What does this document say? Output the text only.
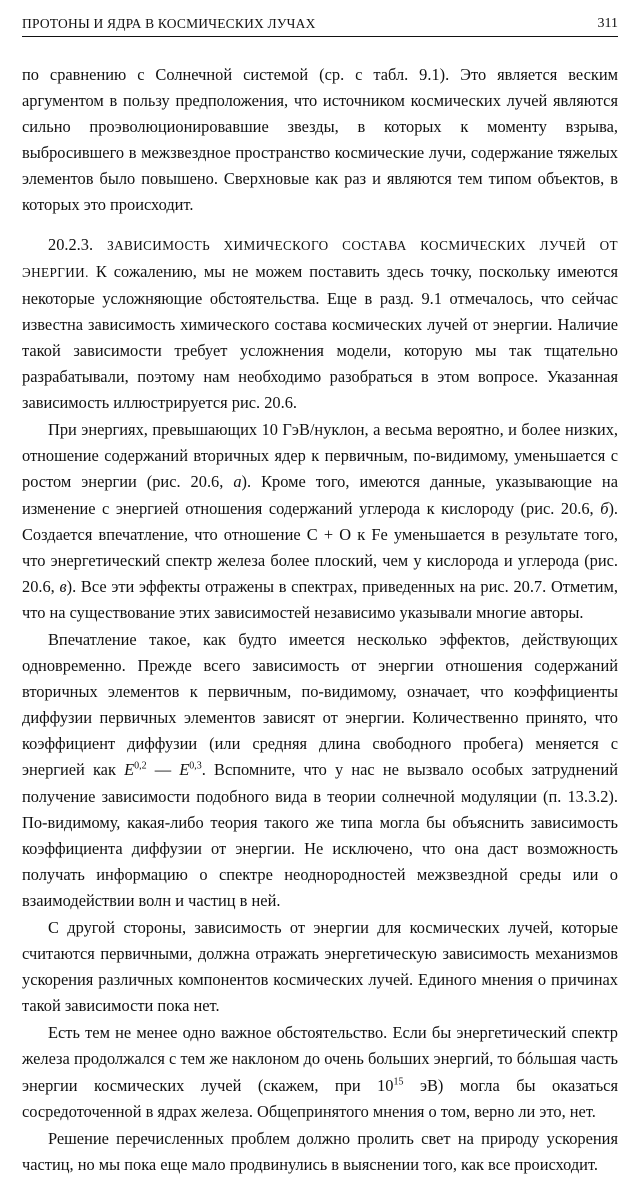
ПРОТОНЫ И ЯДРА В КОСМИЧЕСКИХ ЛУЧАХ	311

по сравнению с Солнечной системой (ср. с табл. 9.1). Это является веским аргументом в пользу предположения, что источником космических лучей являются сильно проэволюционировавшие звезды, в которых к моменту взрыва, выбросившего в межзвездное пространство космические лучи, содержание тяжелых элементов было повышено. Сверхновые как раз и являются тем типом объектов, в которых это происходит.

20.2.3. ЗАВИСИМОСТЬ ХИМИЧЕСКОГО СОСТАВА КОСМИЧЕСКИХ ЛУЧЕЙ ОТ ЭНЕРГИИ. К сожалению, мы не можем поставить здесь точку, поскольку имеются некоторые усложняющие обстоятельства. Еще в разд. 9.1 отмечалось, что сейчас известна зависимость химического состава космических лучей от энергии. Наличие такой зависимости требует усложнения модели, которую мы так тщательно разрабатывали, поэтому нам необходимо разобраться в этом вопросе. Указанная зависимость иллюстрируется рис. 20.6.

При энергиях, превышающих 10 ГэВ/нуклон, а весьма вероятно, и более низких, отношение содержаний вторичных ядер к первичным, по-видимому, уменьшается с ростом энергии (рис. 20.6, а). Кроме того, имеются данные, указывающие на изменение с энергией отношения содержаний углерода к кислороду (рис. 20.6, б). Создается впечатление, что отношение С + О к Fe уменьшается в результате того, что энергетический спектр железа более плоский, чем у кислорода и углерода (рис. 20.6, в). Все эти эффекты отражены в спектрах, приведенных на рис. 20.7. Отметим, что на существование этих зависимостей независимо указывали многие авторы.

Впечатление такое, как будто имеется несколько эффектов, действующих одновременно. Прежде всего зависимость от энергии отношения содержаний вторичных элементов к первичным, по-видимому, означает, что коэффициенты диффузии первичных элементов зависят от энергии. Количественно принято, что коэффициент диффузии (или средняя длина свободного пробега) меняется с энергией как E$^{0,2}$ — E$^{0,3}$. Вспомните, что у нас не вызвало особых затруднений получение зависимости подобного вида в теории солнечной модуляции (п. 13.3.2). По-видимому, какая-либо теория такого же типа могла бы объяснить зависимость коэффициента диффузии от энергии. Не исключено, что она даст возможность получать информацию о спектре неоднородностей межзвездной среды или о взаимодействии волн и частиц в ней.

С другой стороны, зависимость от энергии для космических лучей, которые считаются первичными, должна отражать энергетическую зависимость механизмов ускорения различных компонентов космических лучей. Единого мнения о причинах такой зависимости пока нет.

Есть тем не менее одно важное обстоятельство. Если бы энергетический спектр железа продолжался с тем же наклоном до очень больших энергий, то бóльшая часть энергии космических лучей (скажем, при $10^{15}$ эВ) могла бы оказаться сосредоточенной в ядрах железа. Общепринятого мнения о том, верно ли это, нет.

Решение перечисленных проблем должно пролить свет на природу ускорения частиц, но мы пока еще мало продвинулись в выяснении того, как все происходит.
